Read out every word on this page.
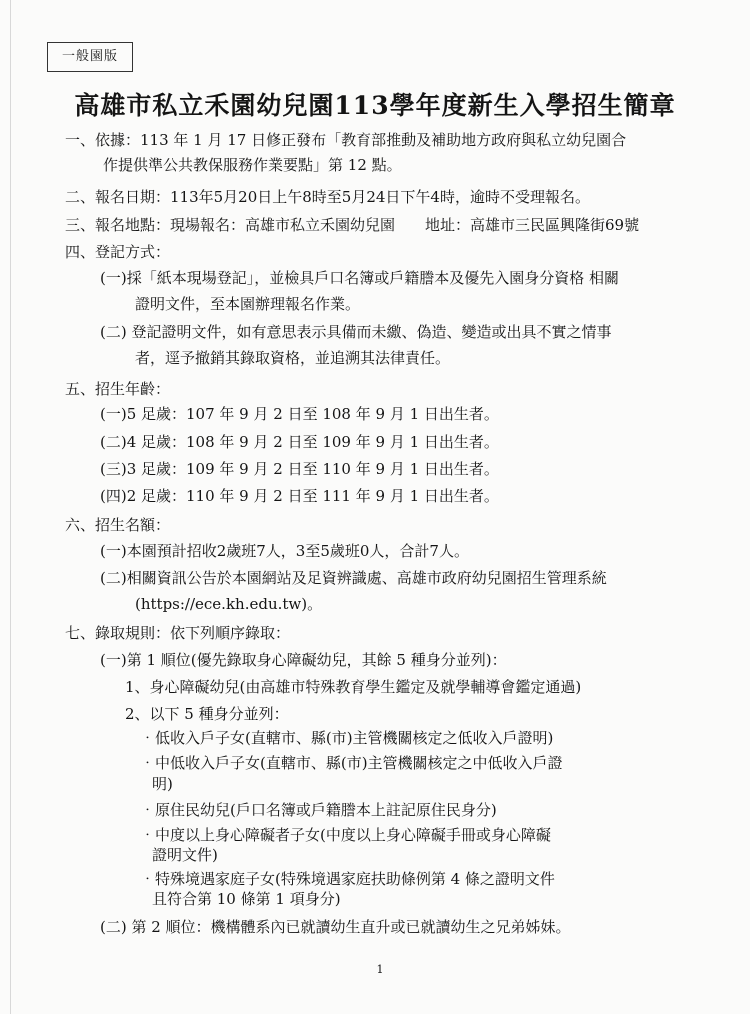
一般園版
高雄市私立禾園幼兒園113學年度新生入學招生簡章
一、依據：113 年 1 月 17 日修正發布「教育部推動及補助地方政府與私立幼兒園合
作提供準公共教保服務作業要點」第 12 點。
二、報名日期：113年5月20日上午8時至5月24日下午4時，逾時不受理報名。
三、報名地點：現場報名：高雄市私立禾園幼兒園　　地址：高雄市三民區興隆街69號
四、登記方式：
(一)採「紙本現場登記」，並檢具戶口名簿或戶籍謄本及優先入園身分資格 相關
證明文件，至本園辦理報名作業。
(二) 登記證明文件，如有意思表示具備而未繳、偽造、變造或出具不實之情事
者，逕予撤銷其錄取資格，並追溯其法律責任。
五、招生年齡：
(一)5 足歲：107 年 9 月 2 日至 108 年 9 月 1 日出生者。
(二)4 足歲：108 年 9 月 2 日至 109 年 9 月 1 日出生者。
(三)3 足歲：109 年 9 月 2 日至 110 年 9 月 1 日出生者。
(四)2 足歲：110 年 9 月 2 日至 111 年 9 月 1 日出生者。
六、招生名額：
(一)本園預計招收2歲班7人，3至5歲班0人，合計7人。
(二)相關資訊公告於本園網站及足資辨識處、高雄市政府幼兒園招生管理系統
(https://ece.kh.edu.tw)。
七、錄取規則：依下列順序錄取：
(一)第 1 順位(優先錄取身心障礙幼兒，其餘 5 種身分並列)：
1、身心障礙幼兒(由高雄市特殊教育學生鑑定及就學輔導會鑑定通過)
2、以下 5 種身分並列：
‧低收入戶子女(直轄市、縣(市)主管機關核定之低收入戶證明)
‧中低收入戶子女(直轄市、縣(市)主管機關核定之中低收入戶證
明)
‧原住民幼兒(戶口名簿或戶籍謄本上註記原住民身分)
‧中度以上身心障礙者子女(中度以上身心障礙手冊或身心障礙
證明文件)
‧特殊境遇家庭子女(特殊境遇家庭扶助條例第 4 條之證明文件
且符合第 10 條第 1 項身分)
(二) 第 2 順位：機構體系內已就讀幼生直升或已就讀幼生之兄弟姊妹。
1
